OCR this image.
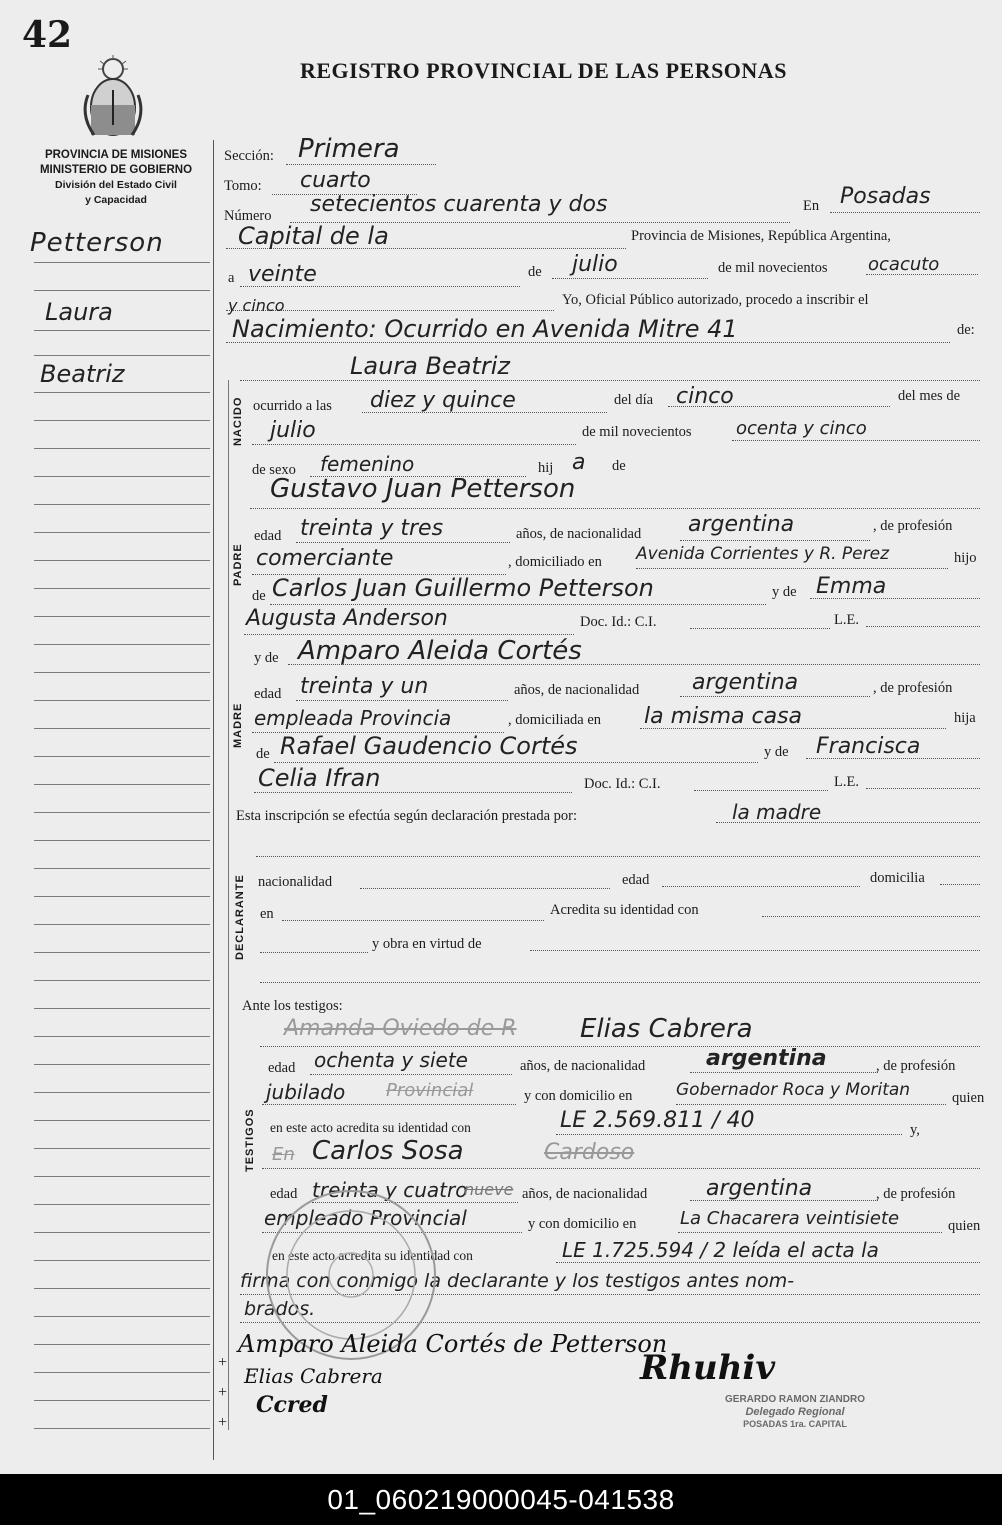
42
REGISTRO PROVINCIAL DE LAS PERSONAS
PROVINCIA DE MISIONES
MINISTERIO DE GOBIERNO
División del Estado Civil
y Capacidad
Petterson
Laura
Beatriz
Sección: Primera
Tomo: cuarto
Número setecientos cuarenta y dos	En Posadas
Capital de la	Provincia de Misiones, República Argentina,
a veinte	de julio	de mil novecientos ocacuto
y cinco	Yo, Oficial Público autorizado, procedo a inscribir el
Nacimiento: Ocurrido en Avenida Mitre 41	de:
Laura Beatriz
NACIDO ocurrido a las diez y quince	del día cinco	del mes de
julio	de mil novecientos ocenta y cinco
de sexo femenino	hij a de
Gustavo Juan Petterson
PADRE
edad treinta y tres	años, de nacionalidad argentina	, de profesión
comerciante	, domiciliado en Avenida Corrientes y R. Perez	hijo
de Carlos Juan Guillermo Petterson	y de Emma
Augusta Anderson	Doc. Id.: C.I.	L.E.
y de Amparo Aleida Cortés
MADRE
edad treinta y un	años, de nacionalidad argentina	, de profesión
empleada Provincia	, domiciliada en la misma casa	hija
de Rafael Gaudencio Cortés	y de Francisca
Celia Ifran	Doc. Id.: C.I.	L.E.
Esta inscripción se efectúa según declaración prestada por:	la madre
DECLARANTE nacionalidad	edad	domicilia
en	Acredita su identidad con
y obra en virtud de
Ante los testigos:
Amanda Oviedo de R Elias Cabrera
TESTIGOS
edad ochenta y siete	años, de nacionalidad	argentina	, de profesión
jubilado Provincial	y con domicilio en	Gobernador Roca y Moritan	quien
en este acto acredita su identidad con	LE 2.569.811 / 40	y,
En Carlos Sosa	Cardoso
edad treinta y cuatro
nueve años, de nacionalidad	argentina	, de profesión
empleado Provincial	y con domicilio en La Chacarera veintisiete	quien
en este acto acredita su identidad con	LE 1.725.594 / 2 leída el acta la
firma con conmigo la declarante y los testigos antes nom-
brados.
+
+
+
Amparo Aleida Cortés de Petterson
Elias Cabrera
Ccred
Rhuhiv
GERARDO RAMON ZIANDRO
Delegado Regional
POSADAS 1ra. CAPITAL
01_060219000045-041538
